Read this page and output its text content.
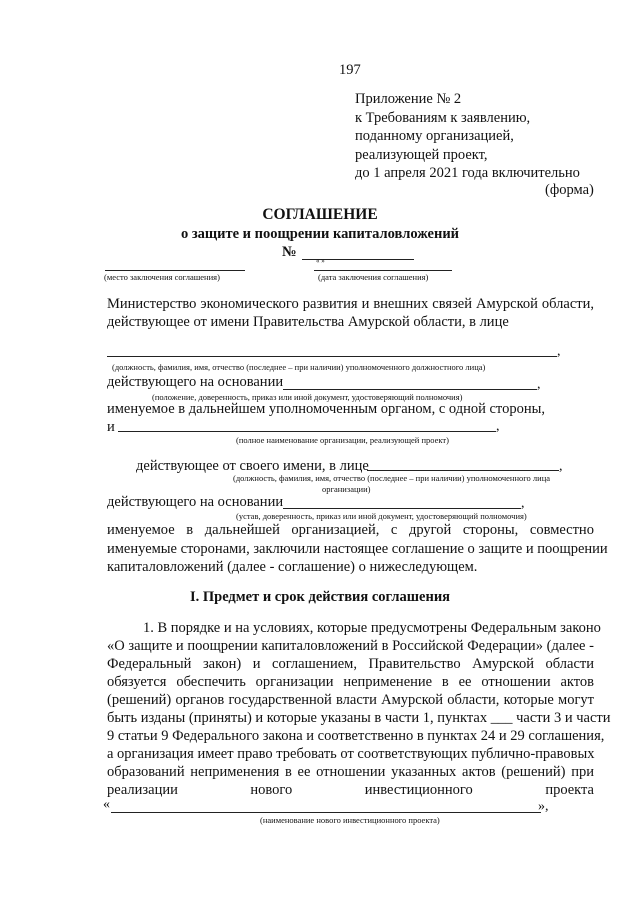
197
Приложение № 2
к Требованиям к заявлению,
поданному организацией,
реализующей проект,
до 1 апреля 2021 года включительно
(форма)
СОГЛАШЕНИЕ
о защите и поощрении капиталовложений
№
« »
(место заключения соглашения)	(дата заключения соглашения)
Министерство экономического развития и внешних связей Амурской области,
действующее от имени Правительства Амурской области, в лице
,
(должность, фамилия, имя, отчество (последнее – при наличии) уполномоченного должностного лица)
действующего на основании	,
(положение, доверенность, приказ или иной документ, удостоверяющий полномочия)
именуемое в дальнейшем уполномоченным органом, с одной стороны,
и	,
(полное наименование организации, реализующей проект)
действующее от своего имени, в лице	,
(должность, фамилия, имя, отчество (последнее – при наличии) уполномоченного лица
организации)
действующего на основании	,
(устав, доверенность, приказ или иной документ, удостоверяющий полномочия)
именуемое в дальнейшей организацией, с другой стороны, совместно
именуемые сторонами, заключили настоящее соглашение о защите и поощрении
капиталовложений (далее - соглашение) о нижеследующем.
I. Предмет и срок действия соглашения
1. В порядке и на условиях, которые предусмотрены Федеральным законо
«О защите и поощрении капиталовложений в Российской Федерации» (далее -
Федеральный закон) и соглашением, Правительство Амурской области
обязуется обеспечить организации неприменение в ее отношении актов
(решений) органов государственной власти Амурской области, которые могут
быть изданы (приняты) и которые указаны в части 1, пунктах ___ части 3 и части
9 статьи 9 Федерального закона и соответственно в пунктах 24 и 29 соглашения,
а организация имеет право требовать от соответствующих публично-правовых
образований неприменения в ее отношении указанных актов (решений) при
реализации	нового	инвестиционного	проекта
«	»,
(наименование нового инвестиционного проекта)
